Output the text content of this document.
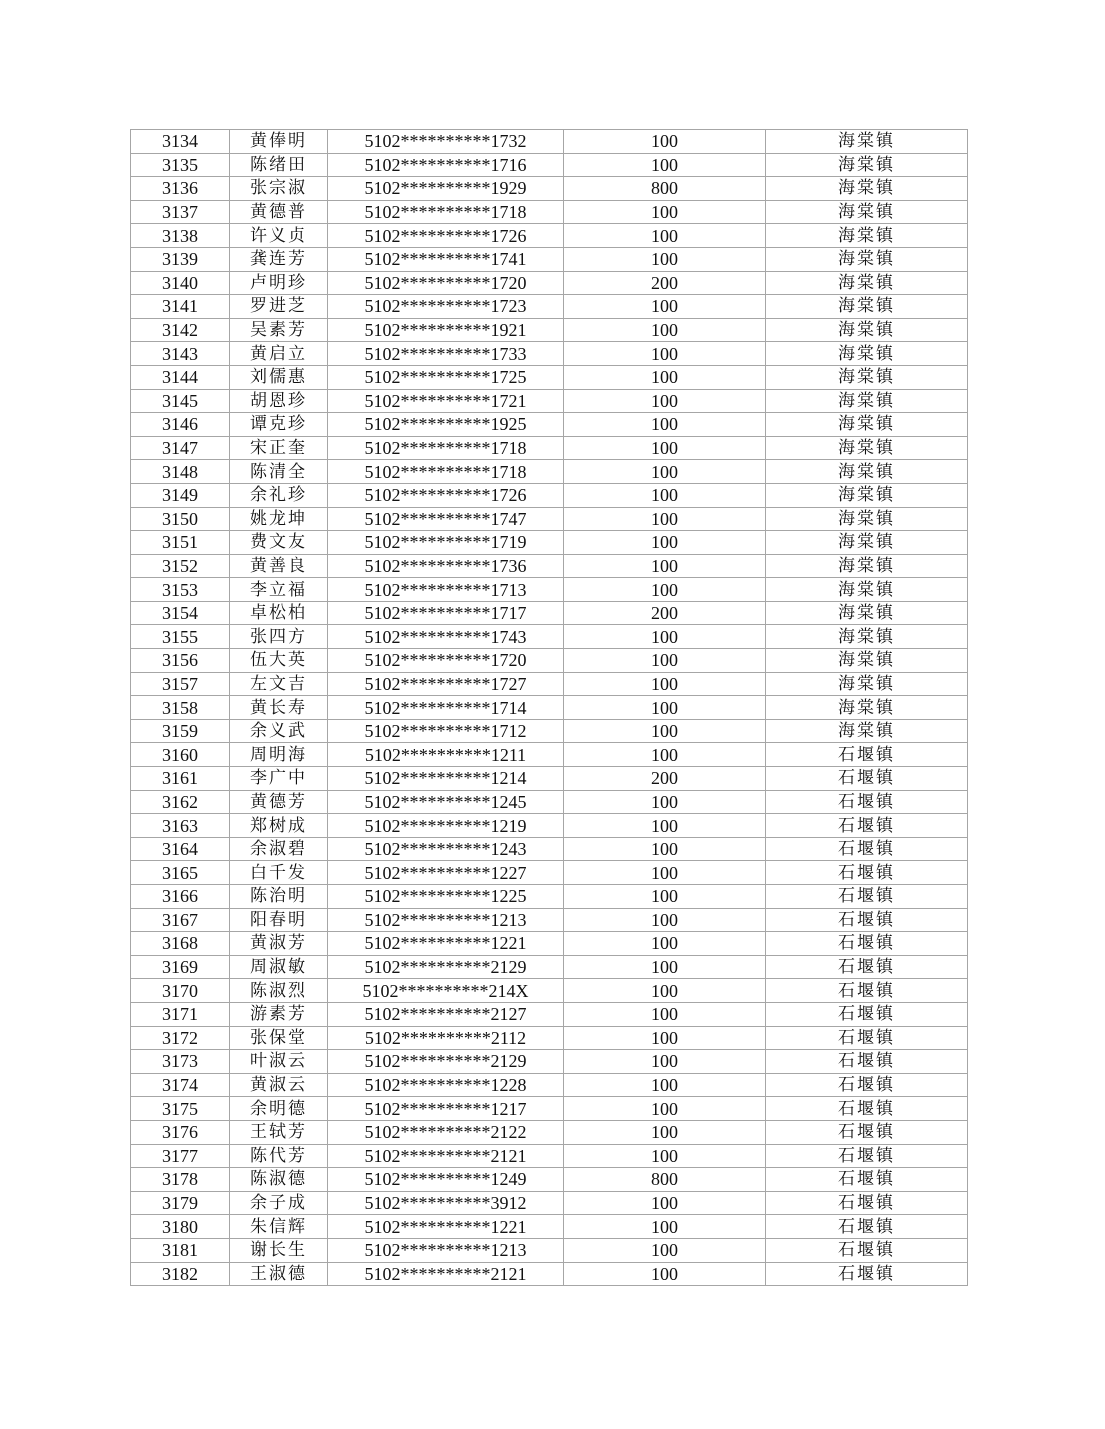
3134	黄俸明	5102**********1732	100	海棠镇
3135	陈绪田	5102**********1716	100	海棠镇
3136	张宗淑	5102**********1929	800	海棠镇
3137	黄德普	5102**********1718	100	海棠镇
3138	许义贞	5102**********1726	100	海棠镇
3139	龚连芳	5102**********1741	100	海棠镇
3140	卢明珍	5102**********1720	200	海棠镇
3141	罗进芝	5102**********1723	100	海棠镇
3142	吴素芳	5102**********1921	100	海棠镇
3143	黄启立	5102**********1733	100	海棠镇
3144	刘儒惠	5102**********1725	100	海棠镇
3145	胡恩珍	5102**********1721	100	海棠镇
3146	谭克珍	5102**********1925	100	海棠镇
3147	宋正奎	5102**********1718	100	海棠镇
3148	陈清全	5102**********1718	100	海棠镇
3149	余礼珍	5102**********1726	100	海棠镇
3150	姚龙坤	5102**********1747	100	海棠镇
3151	费文友	5102**********1719	100	海棠镇
3152	黄善良	5102**********1736	100	海棠镇
3153	李立福	5102**********1713	100	海棠镇
3154	卓松柏	5102**********1717	200	海棠镇
3155	张四方	5102**********1743	100	海棠镇
3156	伍大英	5102**********1720	100	海棠镇
3157	左文吉	5102**********1727	100	海棠镇
3158	黄长寿	5102**********1714	100	海棠镇
3159	余义武	5102**********1712	100	海棠镇
3160	周明海	5102**********1211	100	石堰镇
3161	李广中	5102**********1214	200	石堰镇
3162	黄德芳	5102**********1245	100	石堰镇
3163	郑树成	5102**********1219	100	石堰镇
3164	余淑碧	5102**********1243	100	石堰镇
3165	白千发	5102**********1227	100	石堰镇
3166	陈治明	5102**********1225	100	石堰镇
3167	阳春明	5102**********1213	100	石堰镇
3168	黄淑芳	5102**********1221	100	石堰镇
3169	周淑敏	5102**********2129	100	石堰镇
3170	陈淑烈	5102**********214X	100	石堰镇
3171	游素芳	5102**********2127	100	石堰镇
3172	张保堂	5102**********2112	100	石堰镇
3173	叶淑云	5102**********2129	100	石堰镇
3174	黄淑云	5102**********1228	100	石堰镇
3175	余明德	5102**********1217	100	石堰镇
3176	王轼芳	5102**********2122	100	石堰镇
3177	陈代芳	5102**********2121	100	石堰镇
3178	陈淑德	5102**********1249	800	石堰镇
3179	余子成	5102**********3912	100	石堰镇
3180	朱信辉	5102**********1221	100	石堰镇
3181	谢长生	5102**********1213	100	石堰镇
3182	王淑德	5102**********2121	100	石堰镇
